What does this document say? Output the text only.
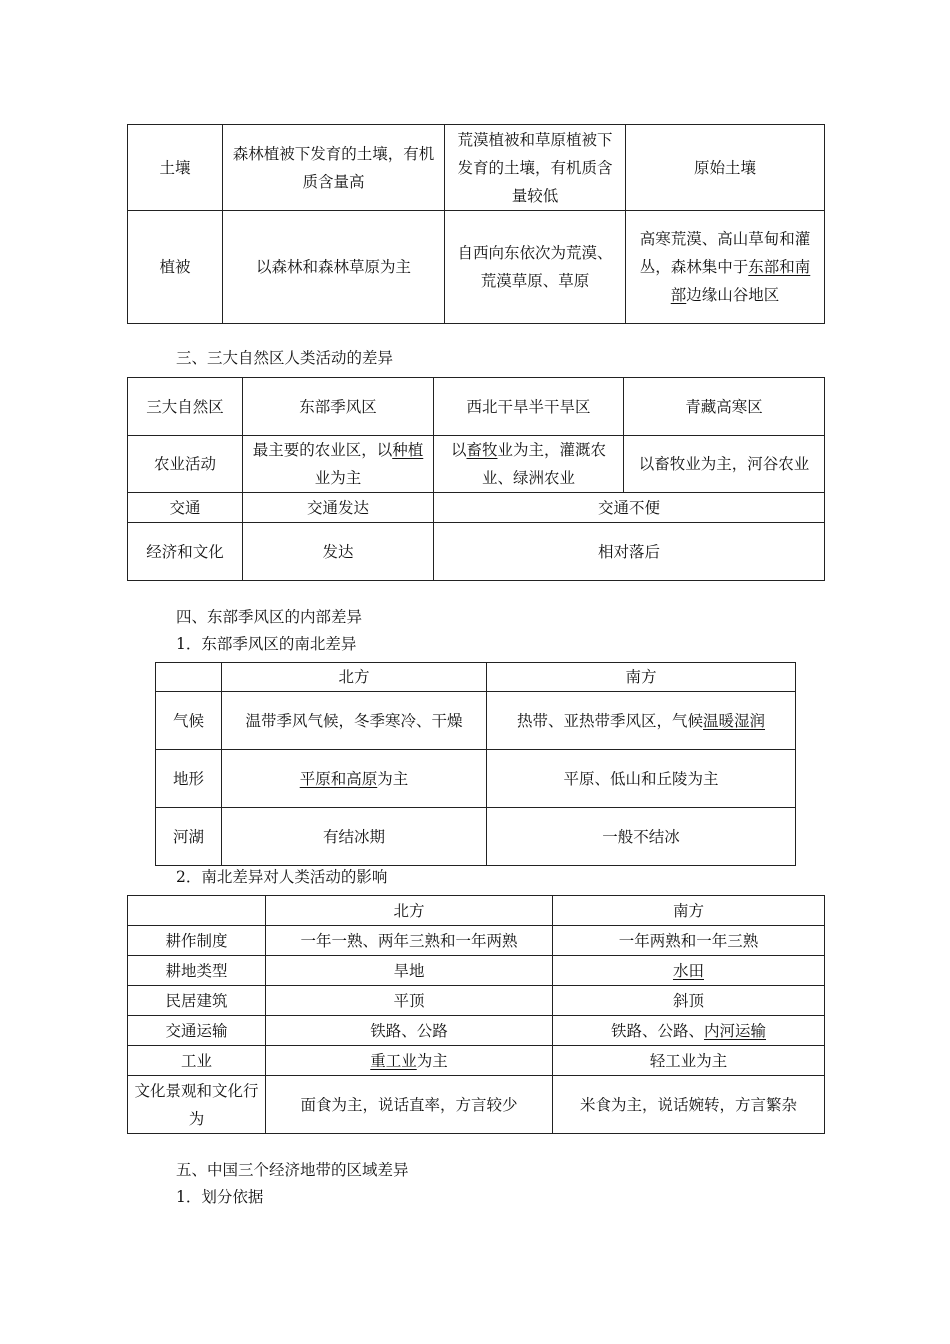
土壤	森林植被下发育的土壤，有机质含量高	荒漠植被和草原植被下发育的土壤，有机质含量较低	原始土壤
植被	以森林和森林草原为主	自西向东依次为荒漠、荒漠草原、草原	高寒荒漠、高山草甸和灌丛，森林集中于东部和南部边缘山谷地区
三、三大自然区人类活动的差异
三大自然区	东部季风区	西北干旱半干旱区	青藏高寒区
农业活动	最主要的农业区，以种植业为主	以畜牧业为主，灌溉农业、绿洲农业	以畜牧业为主，河谷农业
交通	交通发达	交通不便	
经济和文化	发达	相对落后	
四、东部季风区的内部差异
1．东部季风区的南北差异
	北方	南方
气候	温带季风气候，冬季寒冷、干燥	热带、亚热带季风区，气候温暖湿润
地形	平原和高原为主	平原、低山和丘陵为主
河湖	有结冰期	一般不结冰
2．南北差异对人类活动的影响
	北方	南方
耕作制度	一年一熟、两年三熟和一年两熟	一年两熟和一年三熟
耕地类型	旱地	水田
民居建筑	平顶	斜顶
交通运输	铁路、公路	铁路、公路、内河运输
工业	重工业为主	轻工业为主
文化景观和文化行为	面食为主，说话直率，方言较少	米食为主，说话婉转，方言繁杂
五、中国三个经济地带的区域差异
1．划分依据
